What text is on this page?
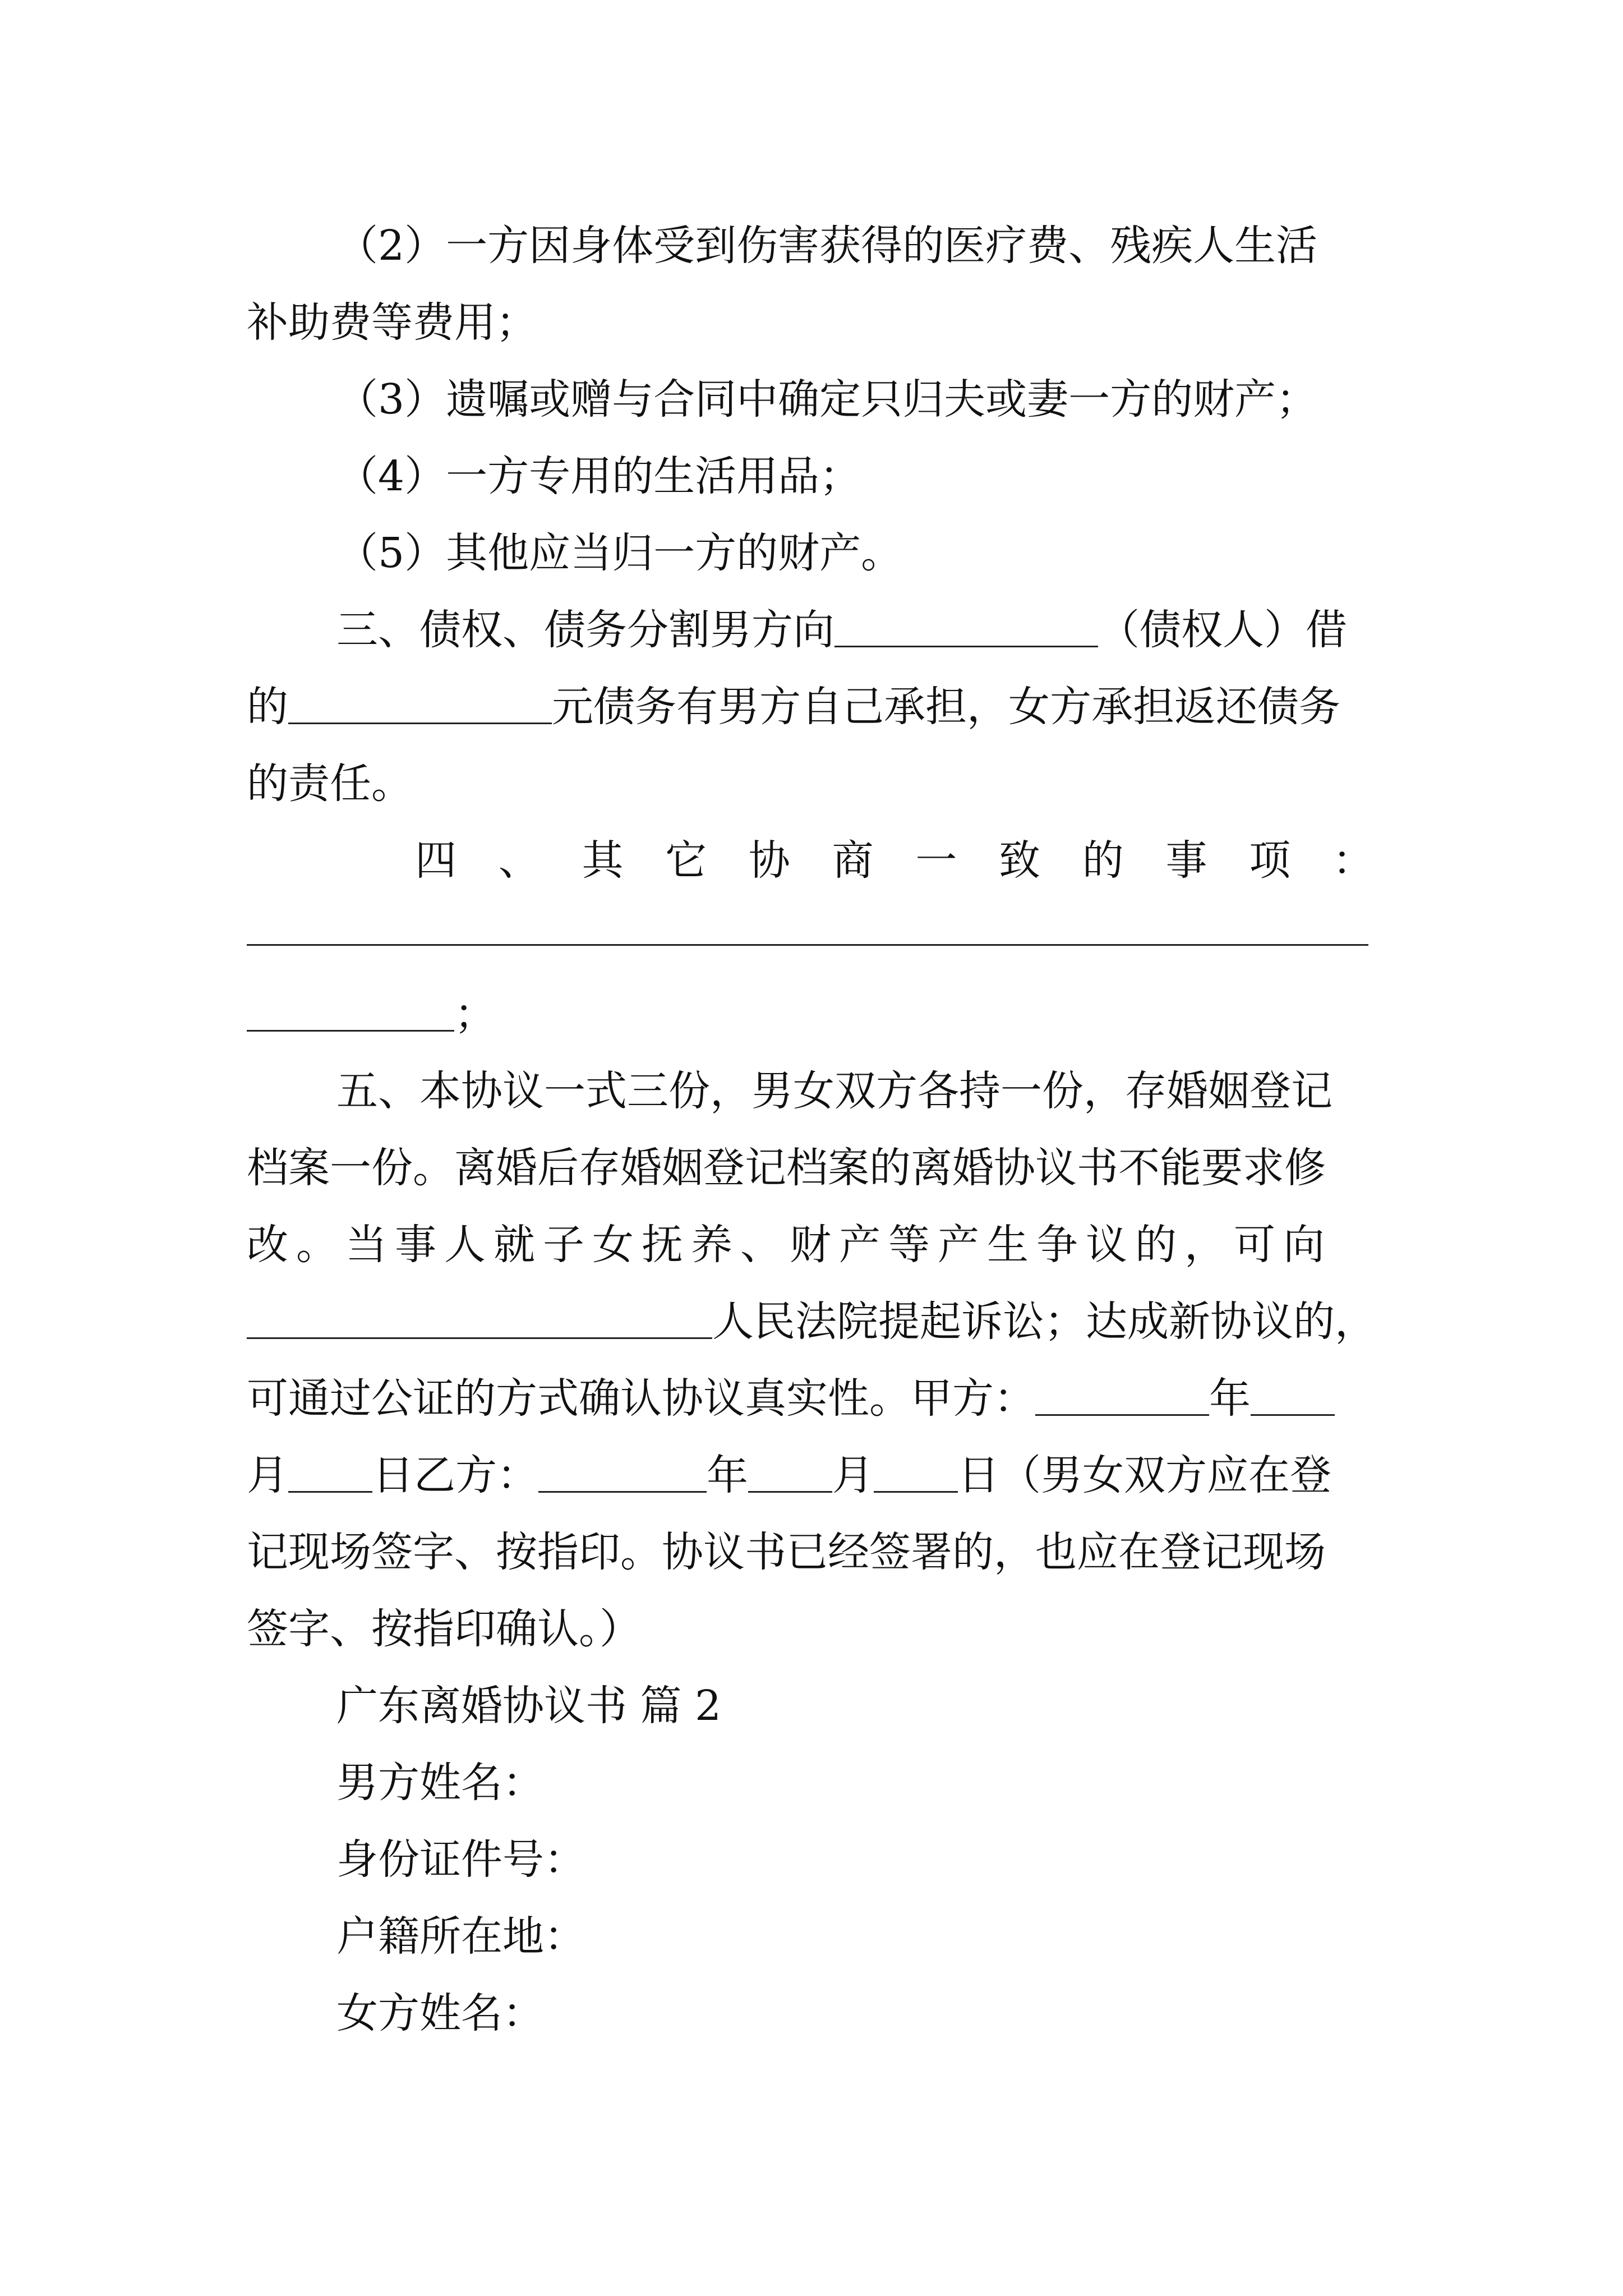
（2）一方因身体受到伤害获得的医疗费、残疾人生活
补助费等费用；
（3）遗嘱或赠与合同中确定只归夫或妻一方的财产；
（4）一方专用的生活用品；
（5）其他应当归一方的财产。
三、债权、债务分割男方向	（债权人）借
的	元债务有男方自己承担，女方承担返还债务
的责任。
四 、 其 它 协 商 一 致 的 事 项 ：
；
五、本协议一式三份，男女双方各持一份，存婚姻登记
档案一份。离婚后存婚姻登记档案的离婚协议书不能要求修
改。当事人就子女抚养、财产等产生争议的，可向
人民法院提起诉讼；达成新协议的，
可通过公证的方式确认协议真实性。甲方：	年
月 日乙方：	年 月 日（男女双方应在登
记现场签字、按指印。协议书已经签署的，也应在登记现场
签字、按指印确认。）
广东离婚协议书 篇 2
男方姓名：
身份证件号：
户籍所在地：
女方姓名：
